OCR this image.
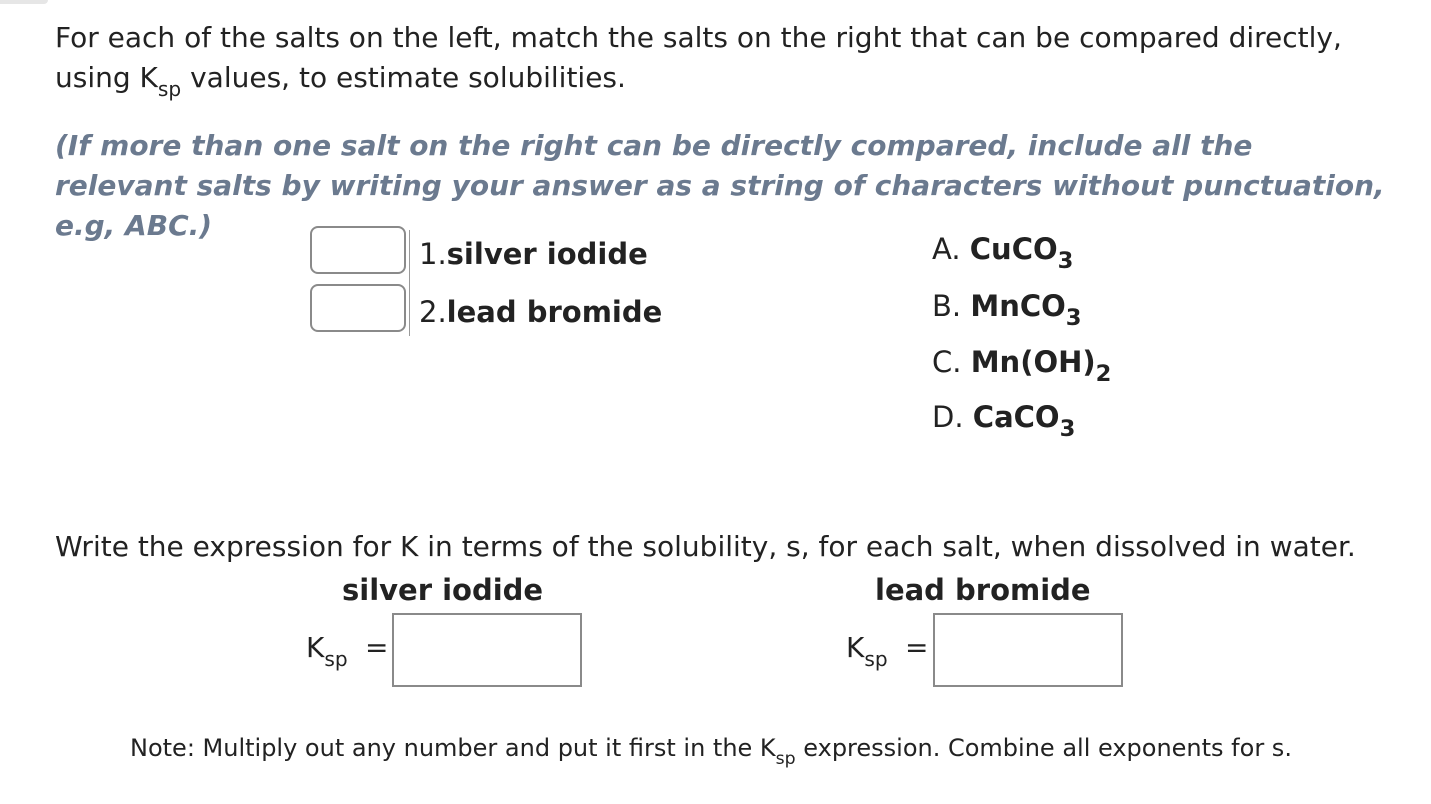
For each of the salts on the left, match the salts on the right that can be compared directly,
using $K_{sp}$ values, to estimate solubilities.
(If more than one salt on the right can be directly compared, include all the relevant salts by writing your answer as a string of characters without punctuation, e.g, ABC.)
1.silver iodide
2.lead bromide
A. CuCO$_3$
B. MnCO$_3$
C. $Mn(OH)_2$
D. CaCO$_3$
Write the expression for K in terms of the solubility, s, for each salt, when dissolved in water.
silver iodide	lead bromide
$K_{sp}$ =	$K_{sp}$ =
Note: Multiply out any number and put it first in the $K_{sp}$ expression. Combine all exponents for s.
